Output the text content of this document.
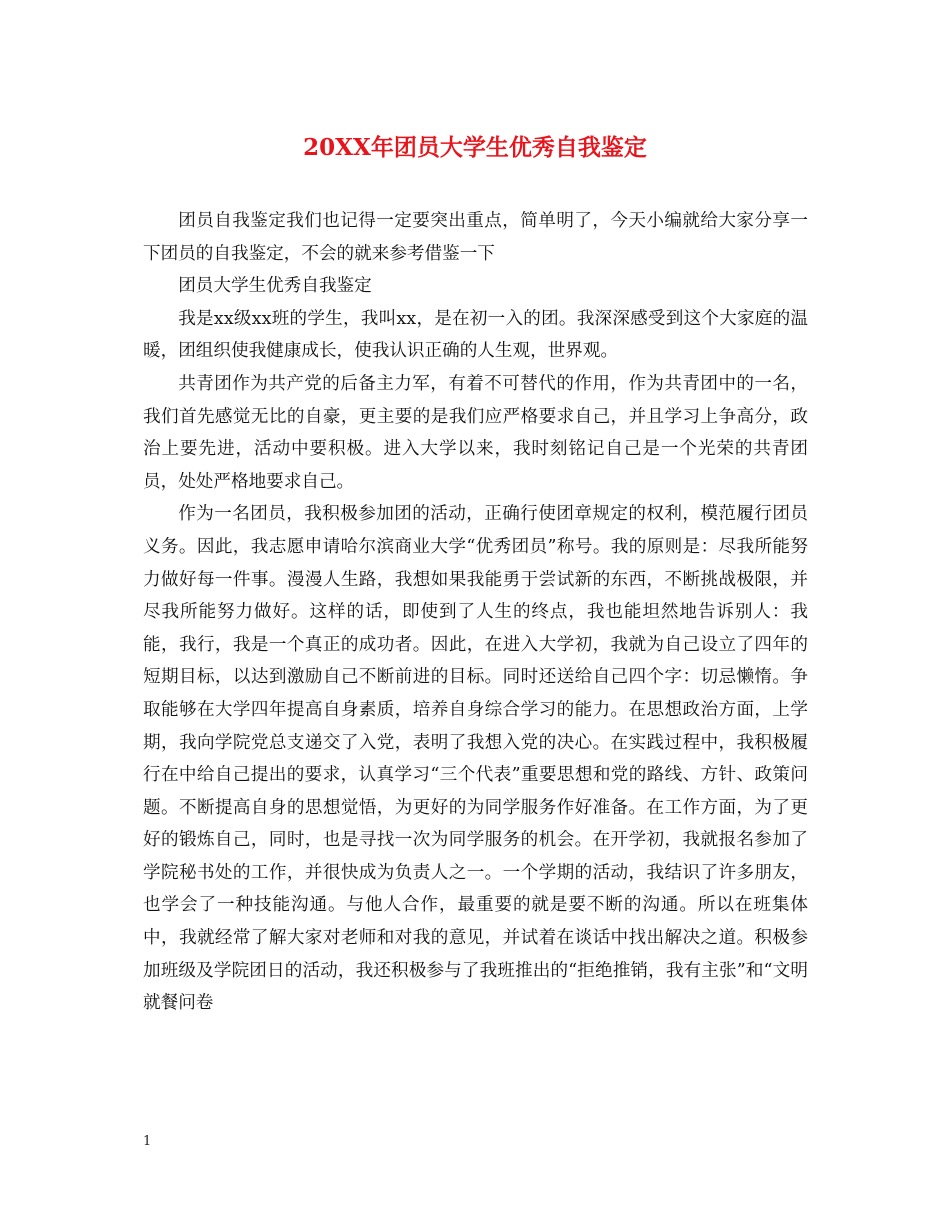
20XX年团员大学生优秀自我鉴定

团员自我鉴定我们也记得一定要突出重点，简单明了，今天小编就给大家分享一下团员的自我鉴定，不会的就来参考借鉴一下

团员大学生优秀自我鉴定

我是xx级xx班的学生，我叫xx，是在初一入的团。我深深感受到这个大家庭的温暖，团组织使我健康成长，使我认识正确的人生观，世界观。

共青团作为共产党的后备主力军，有着不可替代的作用，作为共青团中的一名，我们首先感觉无比的自豪，更主要的是我们应严格要求自己，并且学习上争高分，政治上要先进，活动中要积极。进入大学以来，我时刻铭记自己是一个光荣的共青团员，处处严格地要求自己。

作为一名团员，我积极参加团的活动，正确行使团章规定的权利，模范履行团员义务。因此，我志愿申请哈尔滨商业大学“优秀团员”称号。我的原则是：尽我所能努力做好每一件事。漫漫人生路，我想如果我能勇于尝试新的东西，不断挑战极限，并尽我所能努力做好。这样的话，即使到了人生的终点，我也能坦然地告诉别人：我能，我行，我是一个真正的成功者。因此，在进入大学初，我就为自己设立了四年的短期目标，以达到激励自己不断前进的目标。同时还送给自己四个字：切忌懒惰。争取能够在大学四年提高自身素质，培养自身综合学习的能力。在思想政治方面，上学期，我向学院党总支递交了入党，表明了我想入党的决心。在实践过程中，我积极履行在中给自己提出的要求，认真学习“三个代表”重要思想和党的路线、方针、政策问题。不断提高自身的思想觉悟，为更好的为同学服务作好准备。在工作方面，为了更好的锻炼自己，同时，也是寻找一次为同学服务的机会。在开学初，我就报名参加了学院秘书处的工作，并很快成为负责人之一。一个学期的活动，我结识了许多朋友，也学会了一种技能沟通。与他人合作，最重要的就是要不断的沟通。所以在班集体中，我就经常了解大家对老师和对我的意见，并试着在谈话中找出解决之道。积极参加班级及学院团日的活动，我还积极参与了我班推出的“拒绝推销，我有主张”和“文明就餐问卷

1
